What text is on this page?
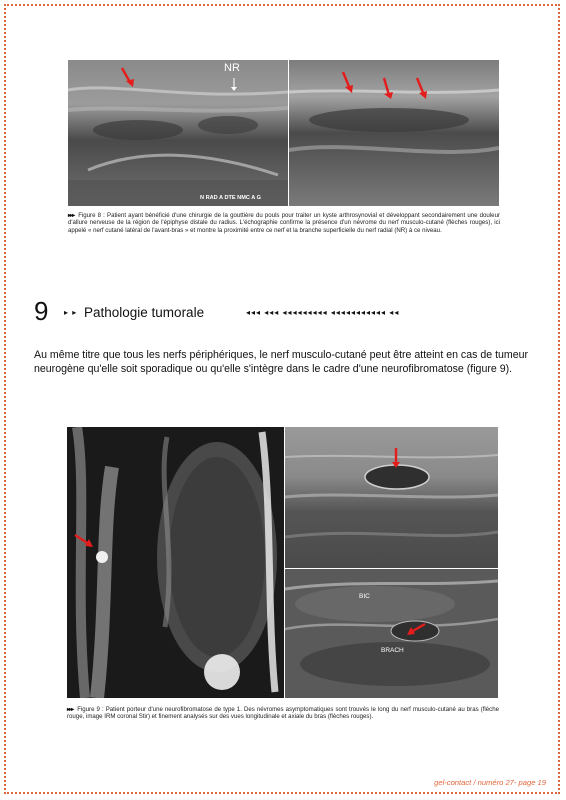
NR
N RAD A DTE NMC A G
▸▸▸ Figure 8 : Patient ayant bénéficié d'une chirurgie de la gouttière du pouls pour traiter un kyste arthrosynovial et développant secondairement une douleur d'allure nerveuse de la région de l'épiphyse distale du radius. L'échographie confirme la présence d'un névrome du nerf musculo-cutané (flèches rouges), ici appelé « nerf cutané latéral de l'avant-bras » et montre la proximité entre ce nerf et la branche superficielle du nerf radial (NR) à ce niveau.
9 ▸ ▸ Pathologie tumorale	◂◂◂ ◂◂◂ ◂◂◂◂◂◂◂◂◂ ◂◂◂◂◂◂◂◂◂◂◂ ◂◂
Au même titre que tous les nerfs périphériques, le nerf musculo-cutané peut être atteint en cas de tumeur neurogène qu'elle soit sporadique ou qu'elle s'intègre dans le cadre d'une neurofibromatose (figure 9).
BIC
BRACH
▸▸▸ Figure 9 : Patient porteur d'une neurofibromatose de type 1. Des névromes asymptomatiques sont trouvés le long du nerf musculo-cutané au bras (flèche rouge, image IRM coronal Stir) et finement analysés sur des vues longitudinale et axiale du bras (flèches rouges).
gel-contact / numéro 27- page 19
